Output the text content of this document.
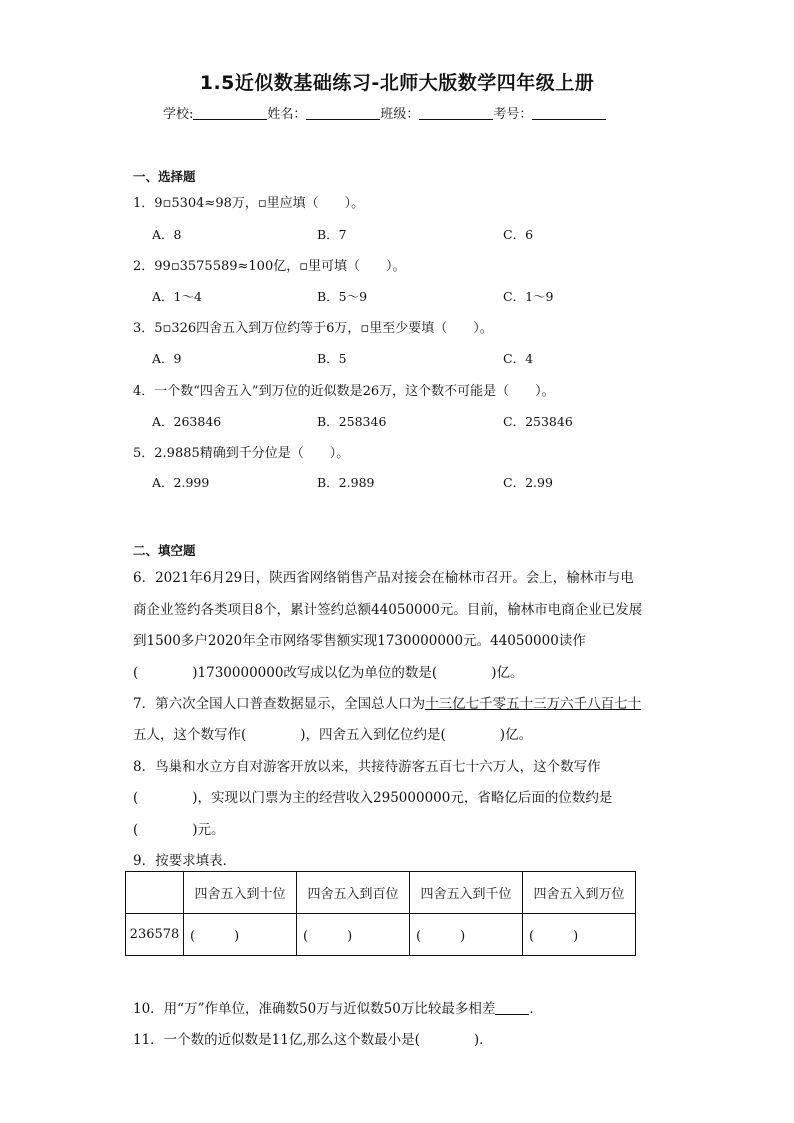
1.5近似数基础练习-北师大版数学四年级上册
学校:	姓名：	班级：	考号：
一、选择题
1．9▫5304≈98万，▫里应填（　　）。
A．8	B．7	C．6
2．99▫3575589≈100亿，▫里可填（　　）。
A．1～4	B．5～9	C．1～9
3．5▫326四舍五入到万位约等于6万，▫里至少要填（　　）。
A．9	B．5	C．4
4．一个数“四舍五入”到万位的近似数是26万，这个数不可能是（　　）。
A．263846	B．258346	C．253846
5．2.9885精确到千分位是（　　）。
A．2.999	B．2.989	C．2.99
二、填空题
6．2021年6月29日，陕西省网络销售产品对接会在榆林市召开。会上，榆林市与电
商企业签约各类项目8个，累计签约总额44050000元。目前，榆林市电商企业已发展
到1500多户2020年全市网络零售额实现1730000000元。44050000读作
(　　　　)1730000000改写成以亿为单位的数是(　　　　)亿。
7．第六次全国人口普查数据显示，全国总人口为十三亿七千零五十三万六千八百七十
五人，这个数写作(　　　　)，四舍五入到亿位约是(　　　　)亿。
8．鸟巢和水立方自对游客开放以来，共接待游客五百七十六万人，这个数写作
(　　　　)，实现以门票为主的经营收入295000000元，省略亿后面的位数约是
(　　　　)元。
9．按要求填表．
	四舍五入到十位	四舍五入到百位	四舍五入到千位	四舍五入到万位
236578	(　　　)	(　　　)	(　　　)	(　　　)
10．用“万”作单位，准确数50万与近似数50万比较最多相差	．
11．一个数的近似数是11亿,那么这个数最小是(　　　　)．
